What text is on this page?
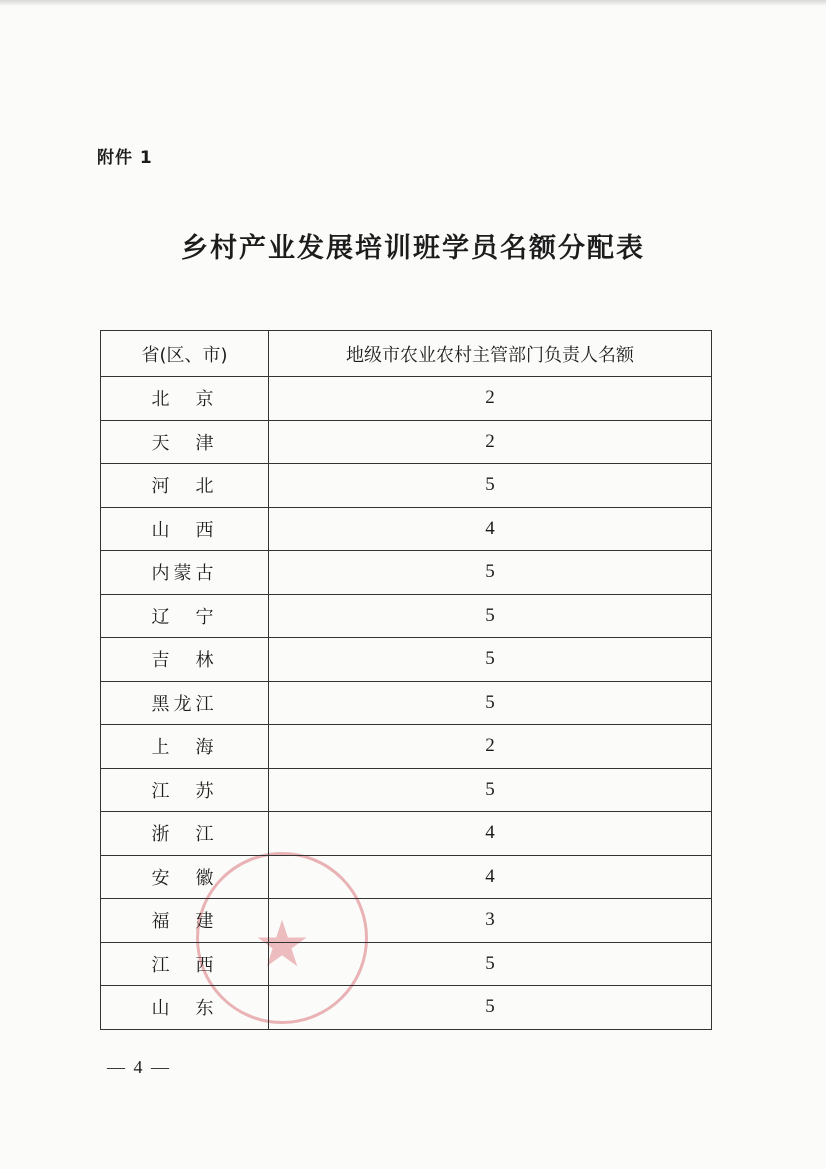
★
附件 1
乡村产业发展培训班学员名额分配表
省(区、市)	地级市农业农村主管部门负责人名额
北　京	2
天　津	2
河　北	5
山　西	4
内蒙古	5
辽　宁	5
吉　林	5
黑龙江	5
上　海	2
江　苏	5
浙　江	4
安　徽	4
福　建	3
江　西	5
山　东	5
— 4 —
